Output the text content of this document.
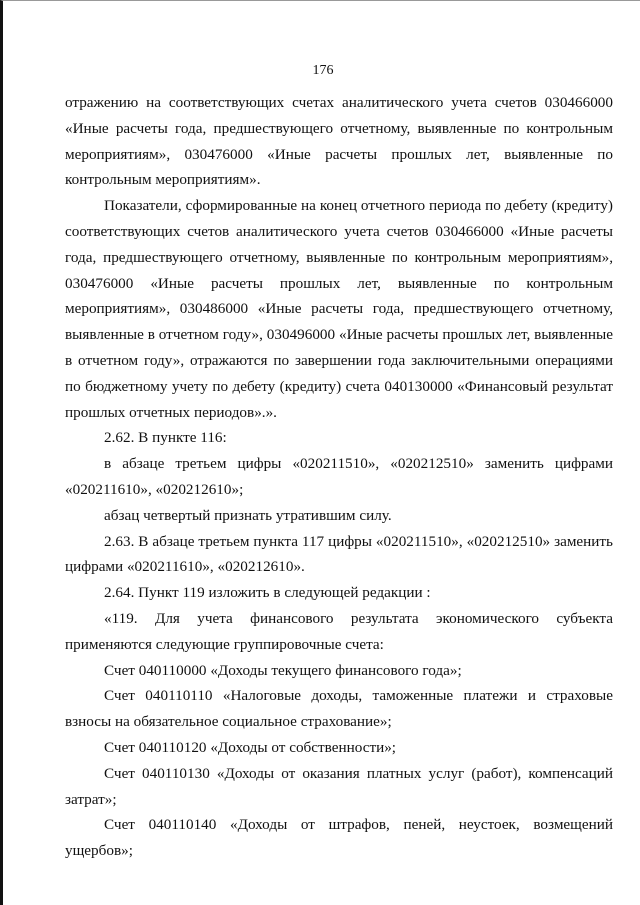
176

отражению на соответствующих счетах аналитического учета счетов 030466000 «Иные расчеты года, предшествующего отчетному, выявленные по контрольным мероприятиям», 030476000 «Иные расчеты прошлых лет, выявленные по контрольным мероприятиям».

Показатели, сформированные на конец отчетного периода по дебету (кредиту) соответствующих счетов аналитического учета счетов 030466000 «Иные расчеты года, предшествующего отчетному, выявленные по контрольным мероприятиям», 030476000 «Иные расчеты прошлых лет, выявленные по контрольным мероприятиям», 030486000 «Иные расчеты года, предшествующего отчетному, выявленные в отчетном году», 030496000 «Иные расчеты прошлых лет, выявленные в отчетном году», отражаются по завершении года заключительными операциями по бюджетному учету по дебету (кредиту) счета 040130000 «Финансовый результат прошлых отчетных периодов».».

2.62. В пункте 116:

в абзаце третьем цифры «020211510», «020212510» заменить цифрами «020211610», «020212610»;

абзац четвертый признать утратившим силу.

2.63. В абзаце третьем пункта 117 цифры «020211510», «020212510» заменить цифрами «020211610», «020212610».

2.64. Пункт 119 изложить в следующей редакции :

«119. Для учета финансового результата экономического субъекта применяются следующие группировочные счета:

Счет 040110000 «Доходы текущего финансового года»;

Счет 040110110 «Налоговые доходы, таможенные платежи и страховые взносы на обязательное социальное страхование»;

Счет 040110120 «Доходы от собственности»;

Счет 040110130 «Доходы от оказания платных услуг (работ), компенсаций затрат»;

Счет 040110140 «Доходы от штрафов, пеней, неустоек, возмещений ущербов»;
